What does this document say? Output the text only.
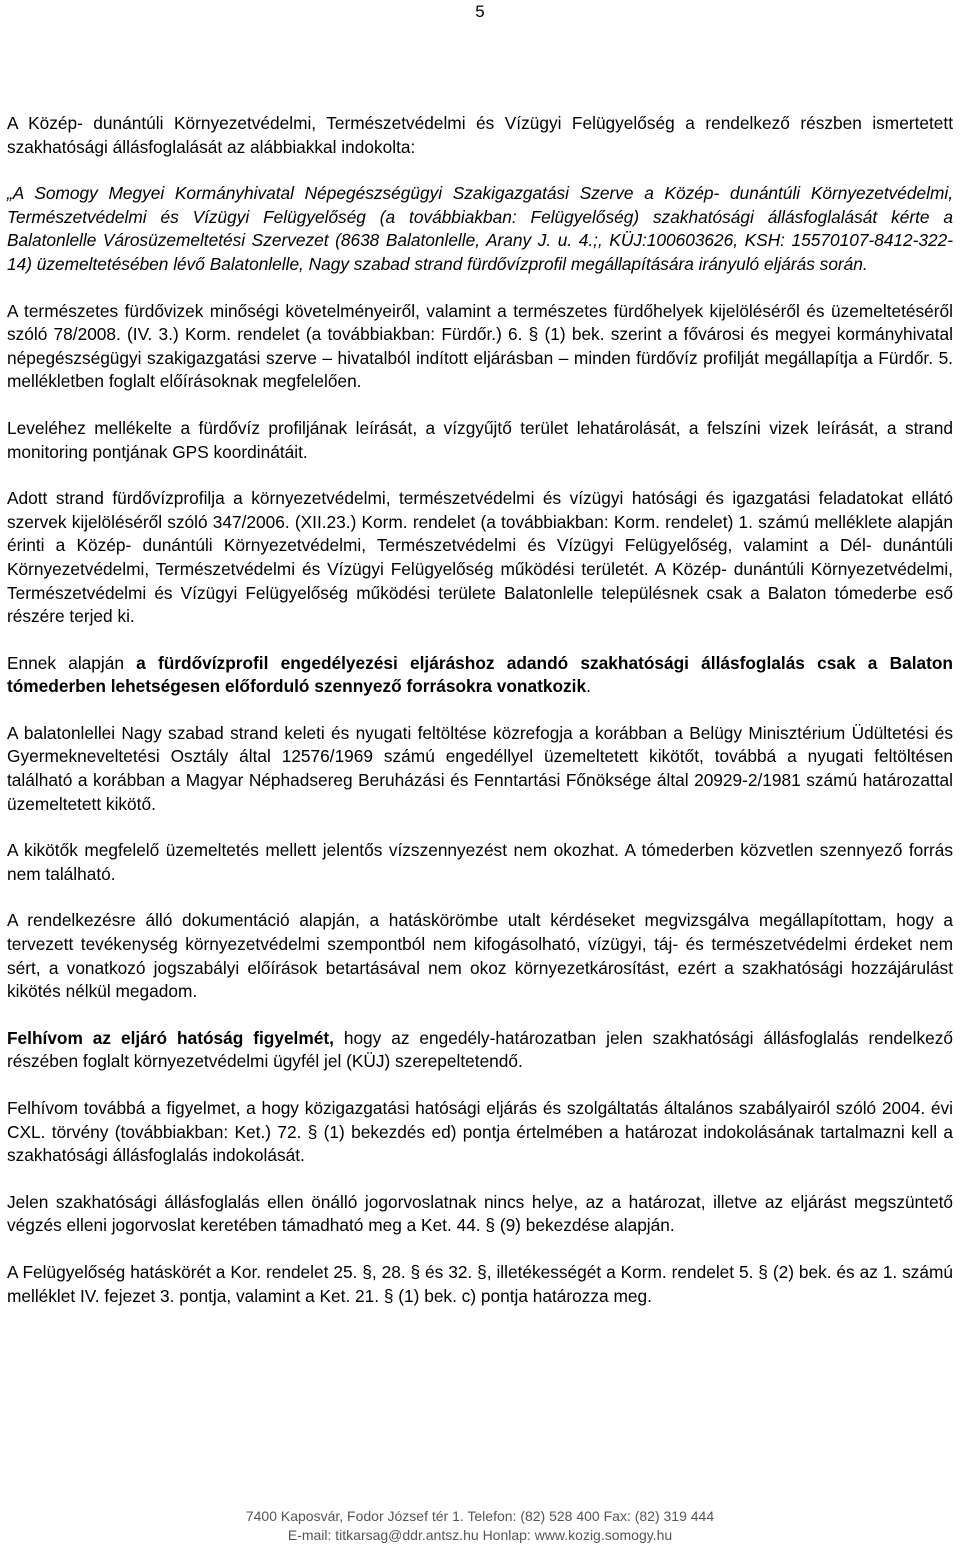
5

A Közép- dunántúli Környezetvédelmi, Természetvédelmi és Vízügyi Felügyelőség a rendelkező részben ismertetett szakhatósági állásfoglalását az alábbiakkal indokolta:

„A Somogy Megyei Kormányhivatal Népegészségügyi Szakigazgatási Szerve a Közép- dunántúli Környezetvédelmi, Természetvédelmi és Vízügyi Felügyelőség (a továbbiakban: Felügyelőség) szakhatósági állásfoglalását kérte a Balatonlelle Városüzemeltetési Szervezet (8638 Balatonlelle, Arany J. u. 4.;, KÜJ:100603626, KSH: 15570107-8412-322-14) üzemeltetésében lévő Balatonlelle, Nagy szabad strand fürdővízprofil megállapítására irányuló eljárás során.

A természetes fürdővizek minőségi követelményeiről, valamint a természetes fürdőhelyek kijelöléséről és üzemeltetéséről szóló 78/2008. (IV. 3.) Korm. rendelet (a továbbiakban: Fürdőr.) 6. § (1) bek. szerint a fővárosi és megyei kormányhivatal népegészségügyi szakigazgatási szerve – hivatalból indított eljárásban – minden fürdővíz profilját megállapítja a Fürdőr. 5. mellékletben foglalt előírásoknak megfelelően.

Leveléhez mellékelte a fürdővíz profiljának leírását, a vízgyűjtő terület lehatárolását, a felszíni vizek leírását, a strand monitoring pontjának GPS koordinátáit.

Adott strand fürdővízprofilja a környezetvédelmi, természetvédelmi és vízügyi hatósági és igazgatási feladatokat ellátó szervek kijelöléséről szóló 347/2006. (XII.23.) Korm. rendelet (a továbbiakban: Korm. rendelet) 1. számú melléklete alapján érinti a Közép- dunántúli Környezetvédelmi, Természetvédelmi és Vízügyi Felügyelőség, valamint a Dél- dunántúli Környezetvédelmi, Természetvédelmi és Vízügyi Felügyelőség működési területét. A Közép- dunántúli Környezetvédelmi, Természetvédelmi és Vízügyi Felügyelőség működési területe Balatonlelle településnek csak a Balaton tómederbe eső részére terjed ki.

Ennek alapján a fürdővízprofil engedélyezési eljáráshoz adandó szakhatósági állásfoglalás csak a Balaton tómederben lehetségesen előforduló szennyező forrásokra vonatkozik.

A balatonlellei Nagy szabad strand keleti és nyugati feltöltése közrefogja a korábban a Belügy Minisztérium Üdültetési és Gyermekneveltetési Osztály által 12576/1969 számú engedéllyel üzemeltetett kikötőt, továbbá a nyugati feltöltésen található a korábban a Magyar Néphadsereg Beruházási és Fenntartási Főnöksége által 20929-2/1981 számú határozattal üzemeltetett kikötő.

A kikötők megfelelő üzemeltetés mellett jelentős vízszennyezést nem okozhat. A tómederben közvetlen szennyező forrás nem található.

A rendelkezésre álló dokumentáció alapján, a hatáskörömbe utalt kérdéseket megvizsgálva megállapítottam, hogy a tervezett tevékenység környezetvédelmi szempontból nem kifogásolható, vízügyi, táj- és természetvédelmi érdeket nem sért, a vonatkozó jogszabályi előírások betartásával nem okoz környezetkárosítást, ezért a szakhatósági hozzájárulást kikötés nélkül megadom.

Felhívom az eljáró hatóság figyelmét, hogy az engedély-határozatban jelen szakhatósági állásfoglalás rendelkező részében foglalt környezetvédelmi ügyfél jel (KÜJ) szerepeltetendő.

Felhívom továbbá a figyelmet, a hogy közigazgatási hatósági eljárás és szolgáltatás általános szabályairól szóló 2004. évi CXL. törvény (továbbiakban: Ket.) 72. § (1) bekezdés ed) pontja értelmében a határozat indokolásának tartalmazni kell a szakhatósági állásfoglalás indokolását.

Jelen szakhatósági állásfoglalás ellen önálló jogorvoslatnak nincs helye, az a határozat, illetve az eljárást megszüntető végzés elleni jogorvoslat keretében támadható meg a Ket. 44. § (9) bekezdése alapján.

A Felügyelőség hatáskörét a Kor. rendelet 25. §, 28. § és 32. §, illetékességét a Korm. rendelet 5. § (2) bek. és az 1. számú melléklet IV. fejezet 3. pontja, valamint a Ket. 21. § (1) bek. c) pontja határozza meg.

7400 Kaposvár, Fodor József tér 1. Telefon: (82) 528 400 Fax: (82) 319 444
E-mail: titkarsag@ddr.antsz.hu Honlap: www.kozig.somogy.hu
